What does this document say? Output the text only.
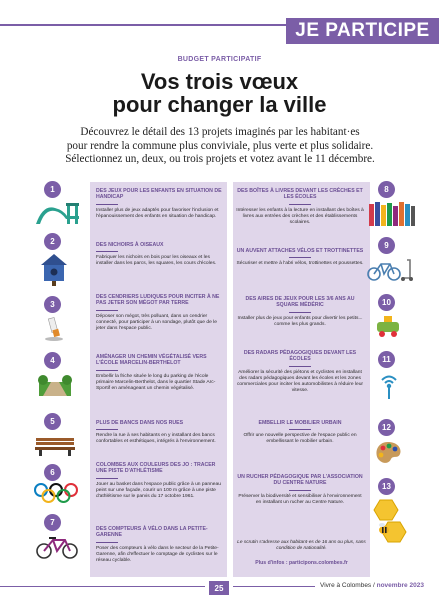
JE PARTICIPE
BUDGET PARTICIPATIF
Vos trois vœux
pour changer la ville
Découvrez le détail des 13 projets imaginés par les habitant·es
pour rendre la commune plus conviviale, plus verte et plus solidaire.
Sélectionnez un, deux, ou trois projets et votez avant le 11 décembre.
DES JEUX POUR LES ENFANTS EN SITUATION DE HANDICAP
Installer plus de jeux adaptés pour favoriser l'inclusion et l'épanouissement des enfants en situation de handicap.
DES NICHOIRS À OISEAUX
Fabriquer les nichoirs en bois pour les oiseaux et les installer dans les parcs, les squares, les cours d'écoles.
DES CENDRIERS LUDIQUES POUR INCITER À NE PAS JETER SON MÉGOT PAR TERRE
Déposer son mégot, très polluant, dans un cendrier connecté, pour participer à un sondage, plutôt que de le jeter dans l'espace public.
AMÉNAGER UN CHEMIN VÉGÉTALISÉ VERS L'ÉCOLE MARCELIN-BERTHELOT
Embellir la friche située le long du parking de l'école primaire Marcelin-Berthelot, dans le quartier Stade Arc-Sportif en aménageant un chemin végétalisé.
PLUS DE BANCS DANS NOS RUES
Rendre la rue à ses habitants en y installant des bancs confortables et esthétiques, intégrés à l'environnement.
COLOMBES AUX COULEURS DES JO : TRACER UNE PISTE D'ATHLÉTISME
Jouer au basket dans l'espace public grâce à un panneau peint sur une façade, courir un 100 m grâce à une piste d'athlétisme sur le parvis du 17 octobre 1961.
DES COMPTEURS À VÉLO DANS LA PETITE-GARENNE
Poser des compteurs à vélo dans le secteur de la Petite-Garenne, afin d'effectuer le comptage de cyclistes sur le réseau cyclable.
DES BOÎTES À LIVRES DEVANT LES CRÈCHES ET LES ÉCOLES
Intéresser les enfants à la lecture en installant des boîtes à livres aux entrées des crèches et des établissements scolaires.
UN AUVENT ATTACHES VÉLOS ET TROTTINETTES
Sécuriser et mettre à l'abri vélos, trottinettes et poussettes.
DES AIRES DE JEUX POUR LES 3/6 ANS AU SQUARE MÉDÉRIC
Installer plus de jeux pour enfants pour divertir les petits... comme les plus grands.
DES RADARS PÉDAGOGIQUES DEVANT LES ÉCOLES
Améliorer la sécurité des piétons et cyclistes en installant des radars pédagogiques devant les écoles et les zones commerciales pour inciter les automobilistes à réduire leur vitesse.
EMBELLIR LE MOBILIER URBAIN
Offrir une nouvelle perspective de l'espace public en embellissant le mobilier urbain.
UN RUCHER PÉDAGOGIQUE PAR L'ASSOCIATION DU CENTRE NATURE
Préserver la biodiversité et sensibiliser à l'environnement en installant un rucher au Centre Nature.
Le scrutin s'adresse aux habitant·es de 16 ans ou plus, sans condition de nationalité.
Plus d'infos : participons.colombes.fr
1
2
3
4
5
6
7
8
9
10
11
12
13
25	Vivre à Colombes / novembre 2023
